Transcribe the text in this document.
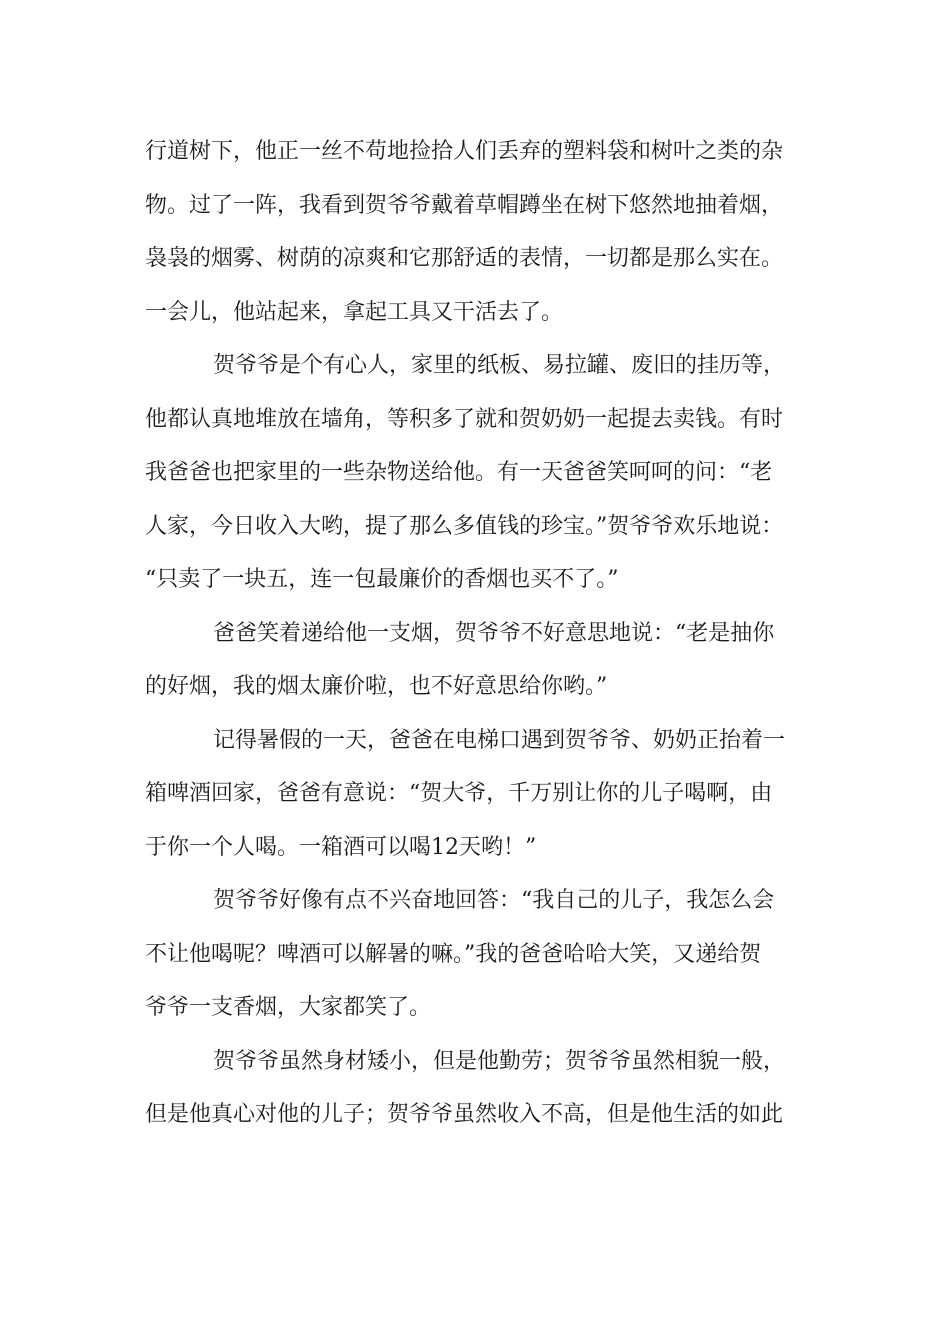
行道树下，他正一丝不苟地捡拾人们丢弃的塑料袋和树叶之类的杂
物。过了一阵，我看到贺爷爷戴着草帽蹲坐在树下悠然地抽着烟，
袅袅的烟雾、树荫的凉爽和它那舒适的表情，一切都是那么实在。
一会儿，他站起来，拿起工具又干活去了。
贺爷爷是个有心人，家里的纸板、易拉罐、废旧的挂历等，
他都认真地堆放在墙角，等积多了就和贺奶奶一起提去卖钱。有时
我爸爸也把家里的一些杂物送给他。有一天爸爸笑呵呵的问：“老
人家，今日收入大哟，提了那么多值钱的珍宝。”贺爷爷欢乐地说：
“只卖了一块五，连一包最廉价的香烟也买不了。”
爸爸笑着递给他一支烟，贺爷爷不好意思地说：“老是抽你
的好烟，我的烟太廉价啦，也不好意思给你哟。”
记得暑假的一天，爸爸在电梯口遇到贺爷爷、奶奶正抬着一
箱啤酒回家，爸爸有意说：“贺大爷，千万别让你的儿子喝啊，由
于你一个人喝。一箱酒可以喝12天哟！”
贺爷爷好像有点不兴奋地回答：“我自己的儿子，我怎么会
不让他喝呢？啤酒可以解暑的嘛。”我的爸爸哈哈大笑，又递给贺
爷爷一支香烟，大家都笑了。
贺爷爷虽然身材矮小，但是他勤劳；贺爷爷虽然相貌一般，
但是他真心对他的儿子；贺爷爷虽然收入不高，但是他生活的如此
